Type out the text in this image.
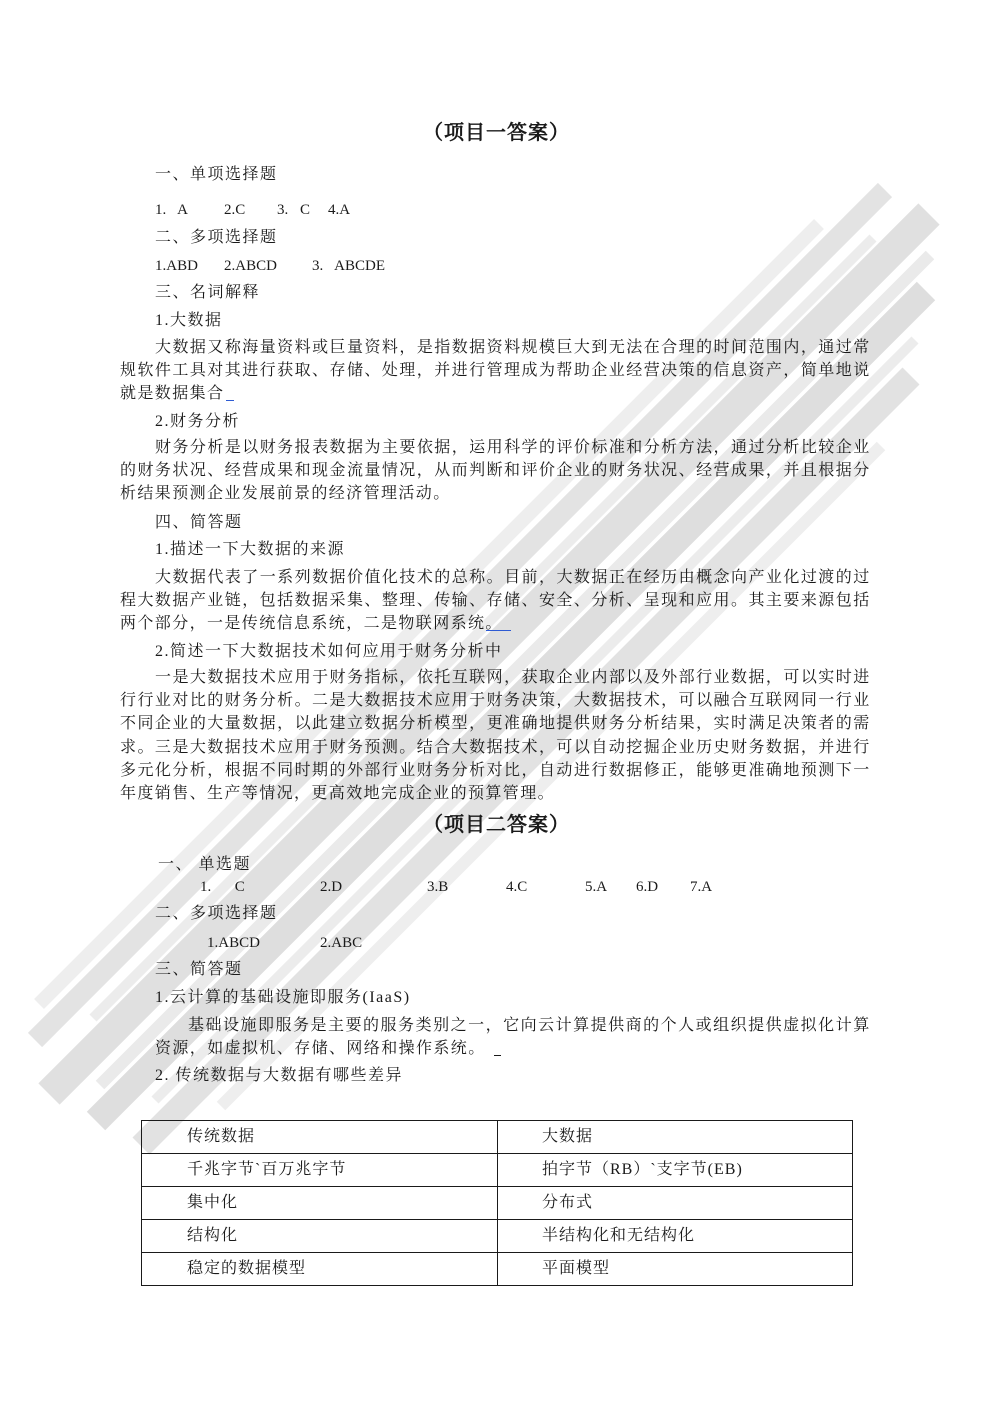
（项目一答案）
一、单项选择题
1. A 2.C 3. C 4.A
二、多项选择题
1.ABD 2.ABCD 3. ABCDE
三、名词解释
1.大数据
大数据又称海量资料或巨量资料，是指数据资料规模巨大到无法在合理的时间范围内，通过常
规软件工具对其进行获取、存储、处理，并进行管理成为帮助企业经营决策的信息资产，简单地说
就是数据集合
2.财务分析
财务分析是以财务报表数据为主要依据，运用科学的评价标准和分析方法，通过分析比较企业
的财务状况、经营成果和现金流量情况，从而判断和评价企业的财务状况、经营成果，并且根据分
析结果预测企业发展前景的经济管理活动。
四、简答题
1.描述一下大数据的来源
大数据代表了一系列数据价值化技术的总称。目前，大数据正在经历由概念向产业化过渡的过
程大数据产业链，包括数据采集、整理、传输、存储、安全、分析、呈现和应用。其主要来源包括
两个部分，一是传统信息系统，二是物联网系统。
2.简述一下大数据技术如何应用于财务分析中
一是大数据技术应用于财务指标，依托互联网，获取企业内部以及外部行业数据，可以实时进
行行业对比的财务分析。二是大数据技术应用于财务决策，大数据技术，可以融合互联网同一行业
不同企业的大量数据，以此建立数据分析模型，更准确地提供财务分析结果，实时满足决策者的需
求。三是大数据技术应用于财务预测。结合大数据技术，可以自动挖掘企业历史财务数据，并进行
多元化分析，根据不同时期的外部行业财务分析对比，自动进行数据修正，能够更准确地预测下一
年度销售、生产等情况，更高效地完成企业的预算管理。
（项目二答案）
一、 单选题
1.  C	2.D	3.B	4.C	5.A 6.D 7.A
二、多项选择题
1.ABCD	2.ABC
三、简答题
1.云计算的基础设施即服务(IaaS)
基础设施即服务是主要的服务类别之一，它向云计算提供商的个人或组织提供虚拟化计算
资源，如虚拟机、存储、网络和操作系统。
2. 传统数据与大数据有哪些差异
传统数据	大数据
千兆字节`百万兆字节	拍字节（RB）`支字节(EB)
集中化	分布式
结构化	半结构化和无结构化
稳定的数据模型	平面模型
